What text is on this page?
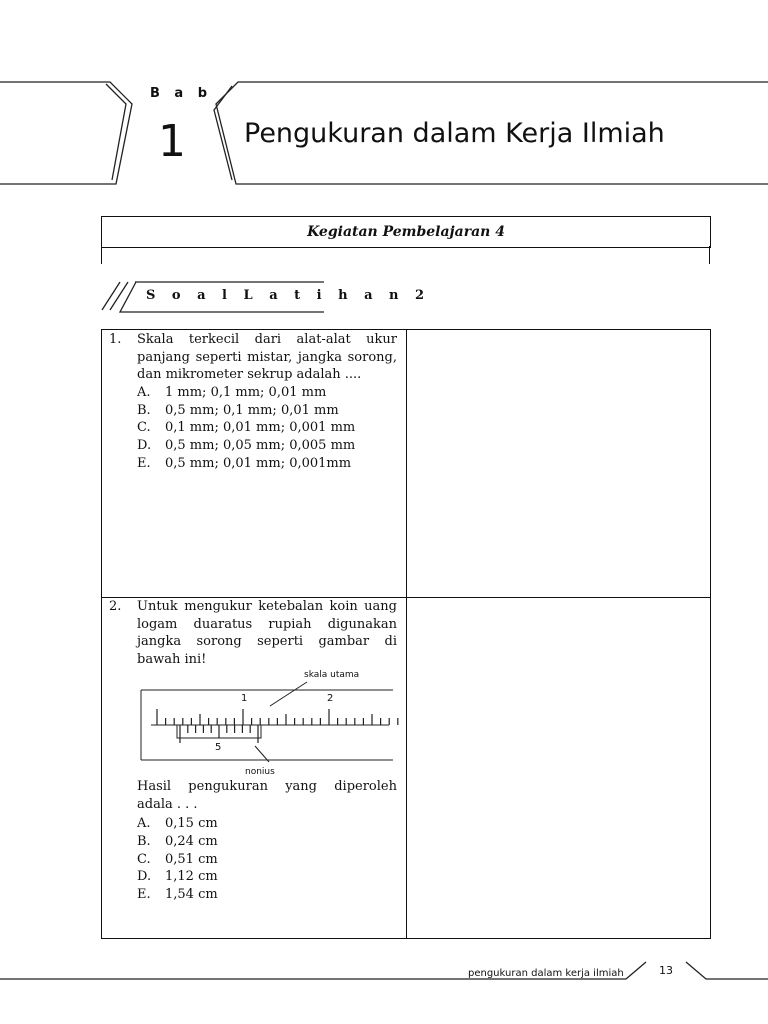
B a b
1 Pengukuran dalam Kerja Ilmiah
Kegiatan Pembelajaran 4
S o a l L a t i h a n 2
1. Skala terkecil dari alat-alat ukur panjang seperti mistar, jangka sorong, dan mikrometer sekrup adalah ....
A. 1 mm; 0,1 mm; 0,01 mm
B. 0,5 mm; 0,1 mm; 0,01 mm
C. 0,1 mm; 0,01 mm; 0,001 mm
D. 0,5 mm; 0,05 mm; 0,005 mm
E. 0,5 mm; 0,01 mm; 0,001mm
2. Untuk mengukur ketebalan koin uang logam duaratus rupiah digunakan jangka sorong seperti gambar di bawah ini!
Hasil pengukuran yang diperoleh adala . . .
A. 0,15 cm
B. 0,24 cm
C. 0,51 cm
D. 1,12 cm
E. 1,54 cm
skala utama
nonius
1	2
5
pengukuran dalam kerja ilmiah	13
